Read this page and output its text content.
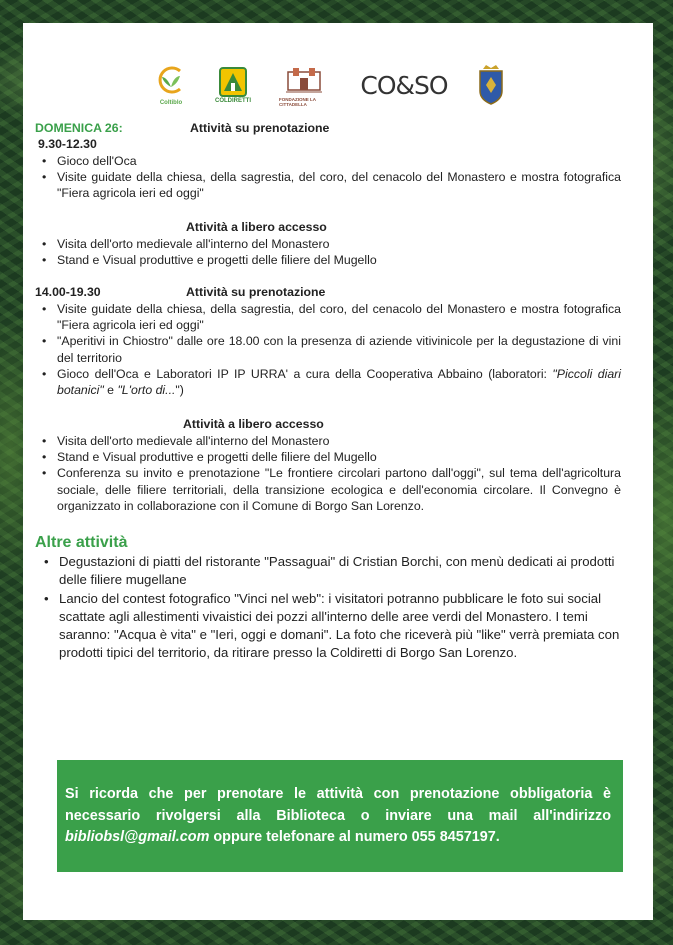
Coltiblo	COLDIRETTI	FONDAZIONE LA CITTADELLA
CO&SO
DOMENICA 26:	Attività su prenotazione
9.30-12.30
• Gioco dell'Oca
• Visite guidate della chiesa, della sagrestia, del coro, del cenacolo del Monastero e mostra fotografica "Fiera agricola ieri ed oggi"
Attività a libero accesso
• Visita dell'orto medievale all'interno del Monastero
• Stand e Visual produttive e progetti delle filiere del Mugello
14.00-19.30	Attività su prenotazione
• Visite guidate della chiesa, della sagrestia, del coro, del cenacolo del Monastero e mostra fotografica "Fiera agricola ieri ed oggi"
• "Aperitivi in Chiostro" dalle ore 18.00 con la presenza di aziende vitivinicole per la degustazione di vini del territorio
• Gioco dell'Oca e Laboratori IP IP URRA' a cura della Cooperativa Abbaino (laboratori: "Piccoli diari botanici" e "L'orto di...")
Attività a libero accesso
• Visita dell'orto medievale all'interno del Monastero
• Stand e Visual produttive e progetti delle filiere del Mugello
• Conferenza su invito e prenotazione "Le frontiere circolari partono dall'oggi", sul tema dell'agricoltura sociale, delle filiere territoriali, della transizione ecologica e dell'economia circolare. Il Convegno è organizzato in collaborazione con il Comune di Borgo San Lorenzo.
Altre attività
• Degustazioni di piatti del ristorante "Passaguai" di Cristian Borchi, con menù dedicati ai prodotti delle filiere mugellane
• Lancio del contest fotografico "Vinci nel web": i visitatori potranno pubblicare le foto sui social scattate agli allestimenti vivaistici dei pozzi all'interno delle aree verdi del Monastero. I temi saranno: "Acqua è vita" e "Ieri, oggi e domani". La foto che riceverà più "like" verrà premiata con prodotti tipici del territorio, da ritirare presso la Coldiretti di Borgo San Lorenzo.
Si ricorda che per prenotare le attività con prenotazione obbligatoria è necessario rivolgersi alla Biblioteca o inviare una mail all'indirizzo bibliobsl@gmail.com oppure telefonare al numero 055 8457197.
